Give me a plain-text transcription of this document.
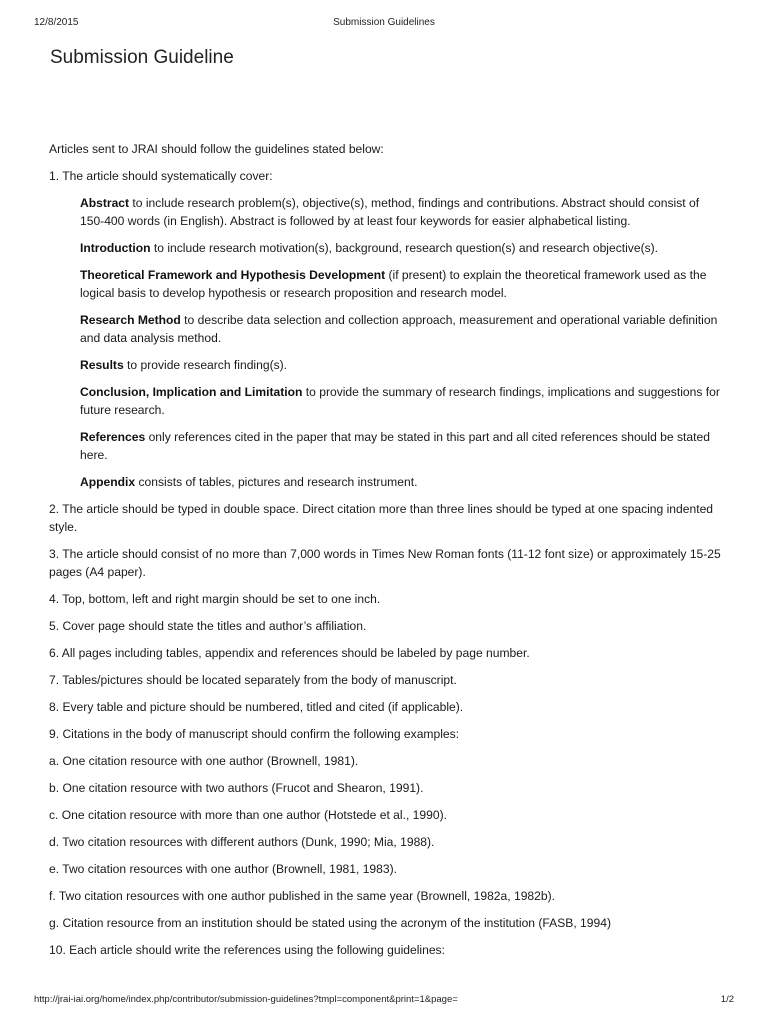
12/8/2015	Submission Guidelines
Submission Guideline

Articles sent to JRAI should follow the guidelines stated below:

1. The article should systematically cover:

Abstract to include research problem(s), objective(s), method, findings and contributions. Abstract should consist of 150-400 words (in English). Abstract is followed by at least four keywords for easier alphabetical listing.
Introduction to include research motivation(s), background, research question(s) and research objective(s).
Theoretical Framework and Hypothesis Development (if present) to explain the theoretical framework used as the logical basis to develop hypothesis or research proposition and research model.
Research Method to describe data selection and collection approach, measurement and operational variable definition and data analysis method.
Results to provide research finding(s).
Conclusion, Implication and Limitation to provide the summary of research findings, implications and suggestions for future research.
References only references cited in the paper that may be stated in this part and all cited references should be stated here.
Appendix consists of tables, pictures and research instrument.

2. The article should be typed in double space. Direct citation more than three lines should be typed at one spacing indented style.

3. The article should consist of no more than 7,000 words in Times New Roman fonts (11-12 font size) or approximately 15-25 pages (A4 paper).

4. Top, bottom, left and right margin should be set to one inch.

5. Cover page should state the titles and author’s affiliation.

6. All pages including tables, appendix and references should be labeled by page number.

7. Tables/pictures should be located separately from the body of manuscript.

8. Every table and picture should be numbered, titled and cited (if applicable).

9. Citations in the body of manuscript should confirm the following examples:

a. One citation resource with one author (Brownell, 1981).

b. One citation resource with two authors (Frucot and Shearon, 1991).

c. One citation resource with more than one author (Hotstede et al., 1990).

d. Two citation resources with different authors (Dunk, 1990; Mia, 1988).

e. Two citation resources with one author (Brownell, 1981, 1983).

f. Two citation resources with one author published in the same year (Brownell, 1982a, 1982b).

g. Citation resource from an institution should be stated using the acronym of the institution (FASB, 1994)

10. Each article should write the references using the following guidelines:

http://jrai-iai.org/home/index.php/contributor/submission-guidelines?tmpl=component&print=1&page=	1/2
